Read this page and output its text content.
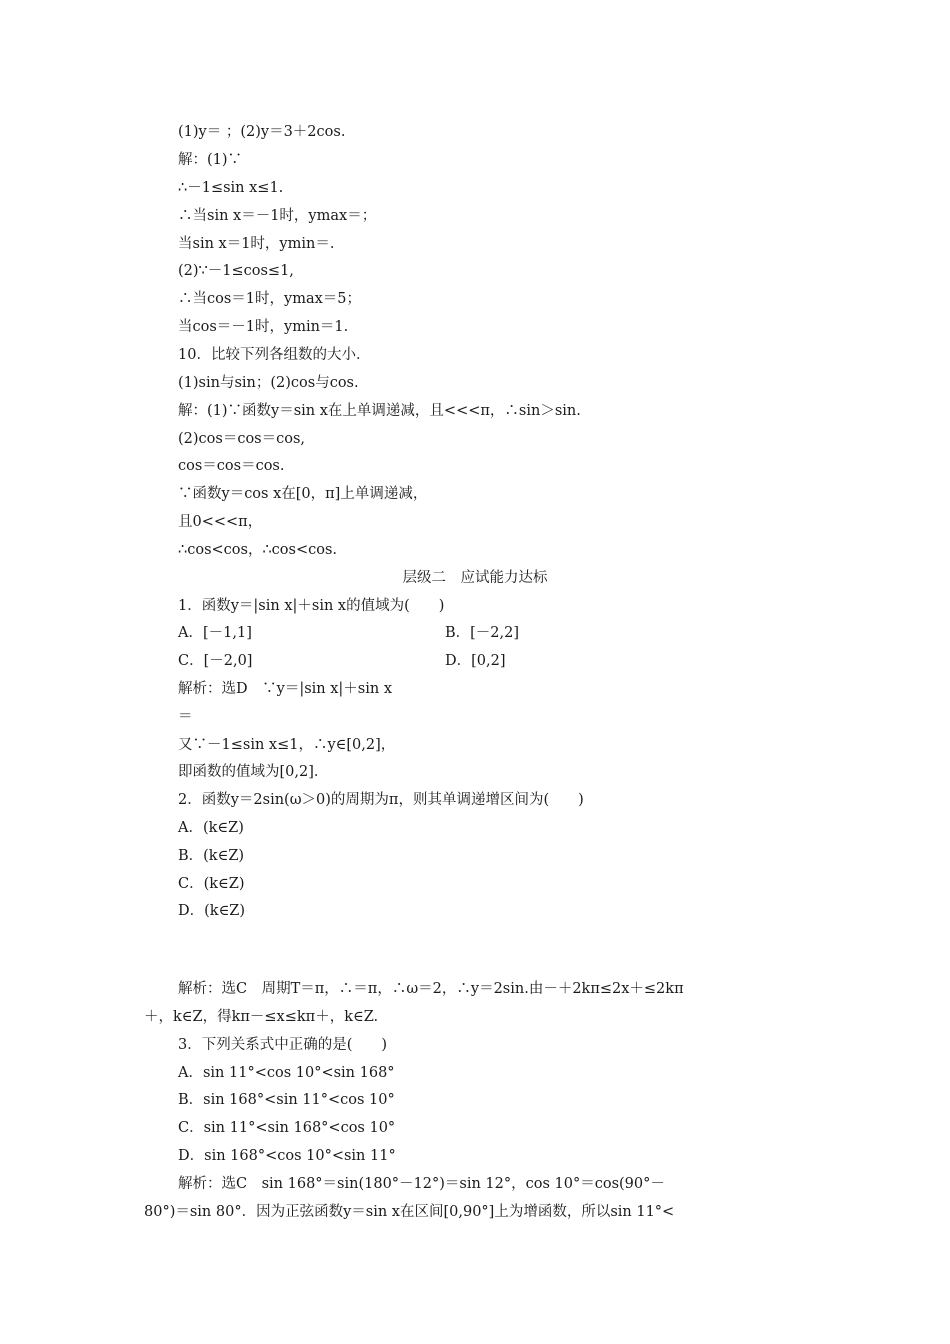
(1)y＝ ；(2)y＝3＋2cos.
解：(1)∵
∴－1≤sin x≤1.
∴当sin x＝－1时，ymax＝；
当sin x＝1时，ymin＝.
(2)∵－1≤cos≤1,
∴当cos＝1时，ymax＝5；
当cos＝－1时，ymin＝1.
10．比较下列各组数的大小．
(1)sin与sin；(2)cos与cos.
解：(1)∵函数y＝sin x在上单调递减，且<<<π，∴sin＞sin.
(2)cos＝cos＝cos,
cos＝cos＝cos.
∵函数y＝cos x在[0，π]上单调递减，
且0<<<π，
∴cos<cos，∴cos<cos.
层级二　应试能力达标
1．函数y＝|sin x|＋sin x的值域为(　　)
A．[－1,1]	B．[－2,2]
C．[－2,0]	D．[0,2]
解析：选D　∵y＝|sin x|＋sin x
＝
又∵－1≤sin x≤1，∴y∈[0,2]，
即函数的值域为[0,2]．
2．函数y＝2sin(ω＞0)的周期为π，则其单调递增区间为(　　)
A．(k∈Z)
B．(k∈Z)
C．(k∈Z)
D．(k∈Z)
解析：选C　周期T＝π，∴＝π，∴ω＝2，∴y＝2sin.由－＋2kπ≤2x＋≤2kπ
＋，k∈Z，得kπ－≤x≤kπ＋，k∈Z.
3．下列关系式中正确的是(　　)
A．sin 11°<cos 10°<sin 168°
B．sin 168°<sin 11°<cos 10°
C．sin 11°<sin 168°<cos 10°
D．sin 168°<cos 10°<sin 11°
解析：选C　sin 168°＝sin(180°－12°)＝sin 12°，cos 10°＝cos(90°－
80°)＝sin 80°．因为正弦函数y＝sin x在区间[0,90°]上为增函数，所以sin 11°<
